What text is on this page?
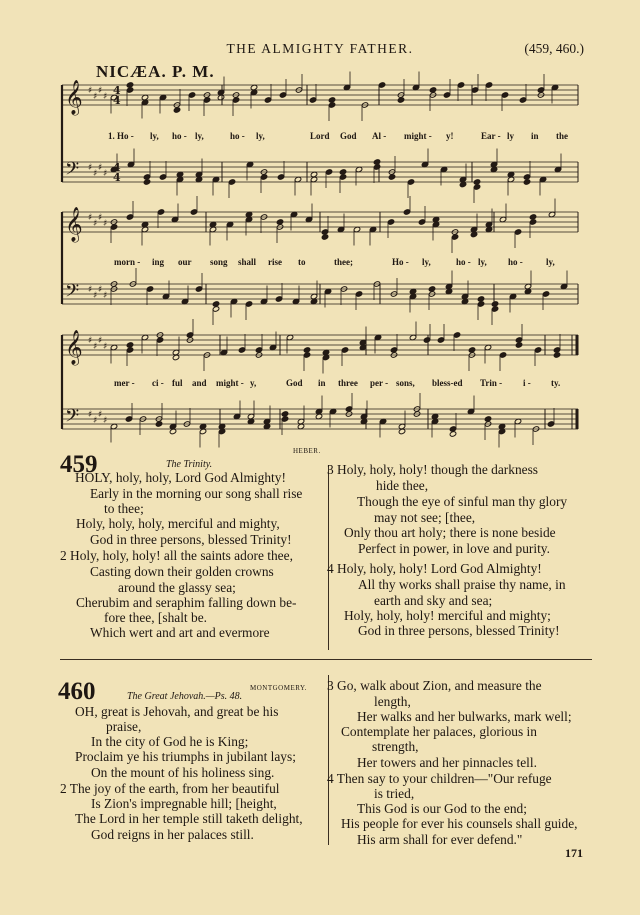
THE ALMIGHTY FATHER.	(459, 460.)
NICÆA. P. M.
𝄞 ♯
♯
♯
♯
𝄢 ♯
♯
♯
♯
𝄞 ♯
♯
♯
♯
𝄢 ♯
♯
♯
♯
𝄞 ♯
♯
♯
♯
𝄢 ♯
♯
♯
♯
4
4
4
4
1. Ho - ly, ho - ly,	ho - ly,	Lord God Al - might - y!	Ear - ly in the
morn - ing our song shall rise to	thee;	Ho - ly,	ho - ly, ho -	ly,
mer - ci - ful and might - y,	God in three per - sons, bless-ed Trin - i - ty.
HEBER.
459	The Trinity.
HOLY, holy, holy, Lord God Almighty!
Early in the morning our song shall rise
to thee;
Holy, holy, holy, merciful and mighty,
God in three persons, blessed Trinity!
2 Holy, holy, holy! all the saints adore thee,
Casting down their golden crowns
around the glassy sea;
Cherubim and seraphim falling down be-
fore thee, [shalt be.
Which wert and art and evermore
3 Holy, holy, holy! though the darkness
hide thee,
Though the eye of sinful man thy glory
may not see; [thee,
Only thou art holy; there is none beside
Perfect in power, in love and purity.
4 Holy, holy, holy! Lord God Almighty!
All thy works shall praise thy name, in
earth and sky and sea;
Holy, holy, holy! merciful and mighty;
God in three persons, blessed Trinity!
460	MONTGOMERY.
The Great Jehovah.—Ps. 48.
OH, great is Jehovah, and great be his
praise,
In the city of God he is King;
Proclaim ye his triumphs in jubilant lays;
On the mount of his holiness sing.
2 The joy of the earth, from her beautiful
Is Zion's impregnable hill; [height,
The Lord in her temple still taketh delight,
God reigns in her palaces still.
3 Go, walk about Zion, and measure the
length,
Her walks and her bulwarks, mark well;
Contemplate her palaces, glorious in
strength,
Her towers and her pinnacles tell.
4 Then say to your children—"Our refuge
is tried,
This God is our God to the end;
His people for ever his counsels shall guide,
His arm shall for ever defend."
171
